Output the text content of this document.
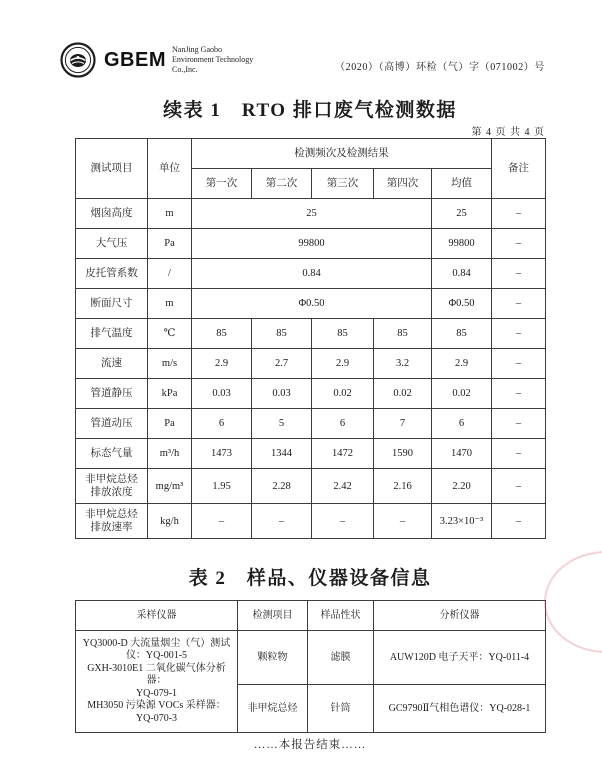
GBEM NanJing Gaobo
Environment Technology
Co.,Inc.	（2020）（高博）环检（气）字（071002）号
续表 1　RTO 排口废气检测数据
第 4 页 共 4 页
测试项目	单位	检测频次及检测结果					备注
		第一次	第二次	第三次	第四次	均值	
烟囱高度	m	25				25	–
大气压	Pa	99800				99800	–
皮托管系数	/	0.84				0.84	–
断面尺寸	m	Φ0.50				Φ0.50	–
排气温度	℃	85	85	85	85	85	–
流速	m/s	2.9	2.7	2.9	3.2	2.9	–
管道静压	kPa	0.03	0.03	0.02	0.02	0.02	–
管道动压	Pa	6	5	6	7	6	–
标态气量	m³/h	1473	1344	1472	1590	1470	–
非甲烷总烃
排放浓度	mg/m³	1.95	2.28	2.42	2.16	2.20	–
非甲烷总烃
排放速率	kg/h	–	–	–	–	3.23×10⁻³	–
表 2　样品、仪器设备信息
采样仪器	检测项目	样品性状	分析仪器

YQ3000-D 大流量烟尘（气）测试
仪：YQ-001-5
GXH-3010E1 二氧化碳气体分析器：
YQ-079-1
MH3050 污染源 VOCs 采样器：
YQ-070-3
	颗粒物	滤膜	AUW120D 电子天平：YQ-011-4
	非甲烷总烃	针筒	GC9790Ⅱ气相色谱仪：YQ-028-1
……本报告结束……
